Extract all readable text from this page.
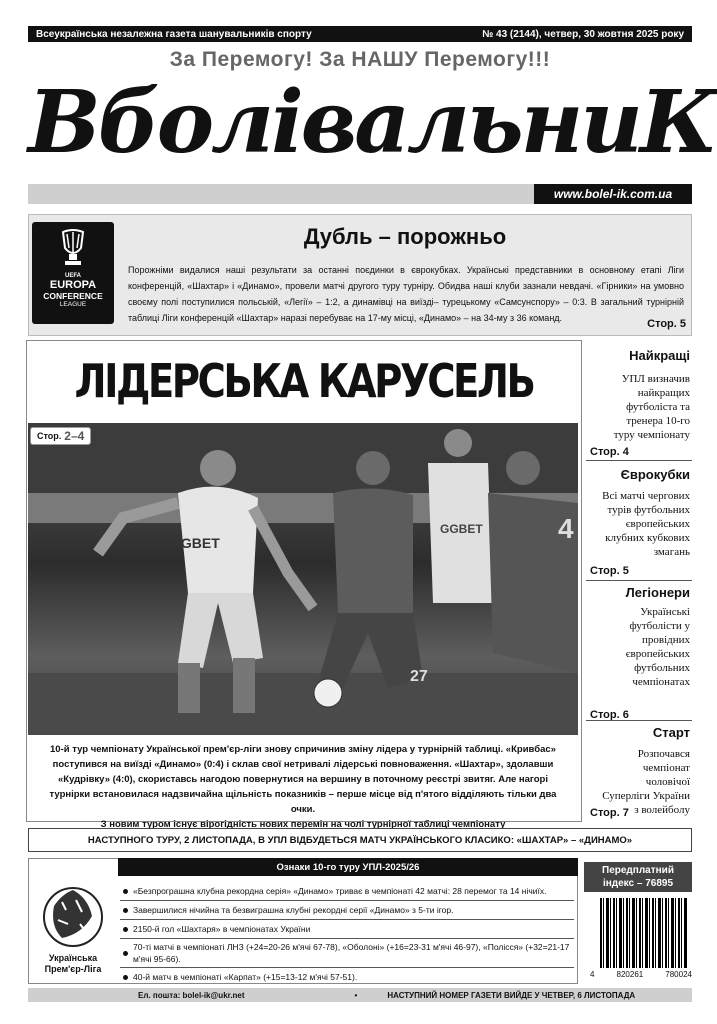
Всеукраїнська незалежна газета шанувальників спорту	№ 43 (2144), четвер, 30 жовтня 2025 року
За Перемогу! За НАШУ Перемогу!!!
ВболівальниК
www.bolel-ik.com.ua
UEFA
EUROPA
CONFERENCE
LEAGUE
Дубль – порожньо
Порожніми видалися наші результати за останні поєдинки в єврокубках. Українські представники в основному етапі Ліги конференцій, «Шахтар» і «Динамо», провели матчі другого туру турніру. Обидва наші клуби зазнали невдачі. «Гірники» на умовно своєму полі поступилися польській, «Легії» – 1:2, а динамівці на виїзді– турецькому «Самсунспору» – 0:3. В загальний турнірній таблиці Ліги конференцій «Шахтар» наразі перебуває на 17-му місці, «Динамо» – на 34-му з 36 команд.	Стор. 5
ЛІДЕРСЬКА КАРУСЕЛЬ
GGBET
GGBET
27
4
Стор. 2–4
10-й тур чемпіонату Української прем'єр-ліги знову спричинив зміну лідера у турнірній таблиці. «Кривбас» поступився на виїзді «Динамо» (0:4) і склав свої нетривалі лідерські повноваження. «Шахтар», здолавши «Кудрівку» (4:0), скориставсь нагодою повернутися на вершину в поточному реєстрі звитяг. Але нагорі турнірки встановилася надзвичайна щільність показників – перше місце від п'ятого відділяють тільки два очки.
З новим туром існує вірогідність нових перемін на чолі турнірної таблиці чемпіонату
Найкращі
УПЛ визначив найкращих футболіста та тренера 10-го туру чемпіонату
Стор. 4
Єврокубки
Всі матчі чергових турів футбольних європейських клубних кубкових змагань
Стор. 5
Легіонери
Українські футболісти у провідних європейських футбольних чемпіонатах
Стор. 6
Старт
Розпочався чемпіонат чоловічої Суперліги України з волейболу
Стор. 7
НАСТУПНОГО ТУРУ, 2 ЛИСТОПАДА, В УПЛ ВІДБУДЕТЬСЯ МАТЧ УКРАЇНСЬКОГО КЛАСИКО: «ШАХТАР» – «ДИНАМО»
Ознаки 10-го туру УПЛ-2025/26
Українська
Прем'єр-Ліга
«Безпрограшна клубна рекордна серія» «Динамо» триває в чемпіонаті 42 матчі: 28 перемог та 14 нічиїх.
Завершилися нічийна та безвиграшна клубні рекордні серії «Динамо» з 5-ти ігор.
2150-й гол «Шахтаря» в чемпіонатах України
70-ті матчі в чемпіонаті ЛНЗ (+24=20-26 м'ячі 67-78), «Оболоні» (+16=23-31 м'ячі 46-97), «Полісся» (+32=21-17 м'ячі 95-66).
40-й матч в чемпіонаті «Карпат» (+15=13-12 м'ячі 57-51).
Передплатний
індекс – 76895
4	820261	780024
Ел. пошта: bolel-ik@ukr.net	•	НАСТУПНИЙ НОМЕР ГАЗЕТИ ВИЙДЕ У ЧЕТВЕР, 6 ЛИСТОПАДА
